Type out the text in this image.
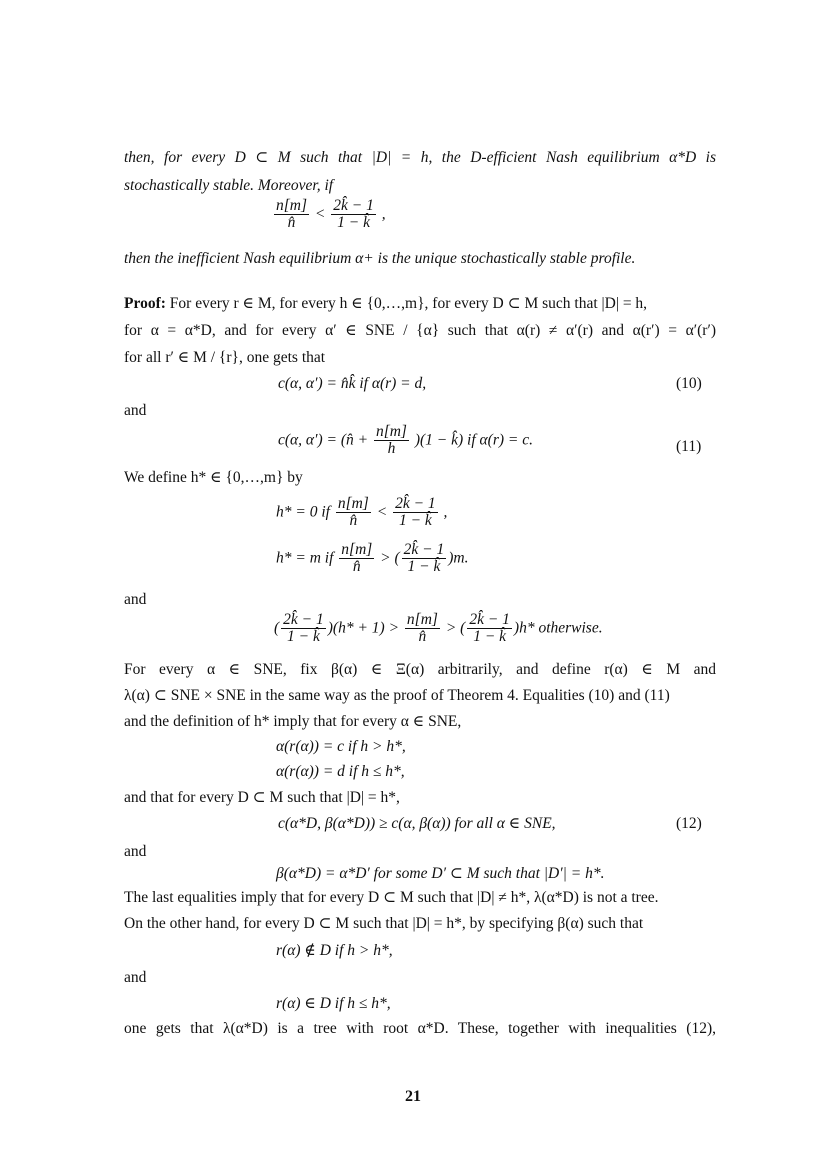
then, for every D ⊂ M such that |D| = h, the D-efficient Nash equilibrium α*D is
stochastically stable. Moreover, if
$\frac{n[m]}{n̂} < \frac{2k̂ - 1}{1 - k̂}$ ,
then the inefficient Nash equilibrium α+ is the unique stochastically stable profile.
Proof: For every r ∈ M, for every h ∈ {0,…,m}, for every D ⊂ M such that |D| = h,
for α = α*D, and for every α′ ∈ SNE / {α} such that α(r) ≠ α′(r) and α(r′) = α′(r′)
for all r′ ∈ M / {r}, one gets that
c(α, α′) = n̂k̂ if α(r) = d,	(10)
and
c(α, α′) = (n̂ + $\frac{n[m]}{h} )(1$ − k̂) if α(r) = c.	(11)
We define h* ∈ {0,…,m} by
h* = 0 if $\frac{n[m]}{n̂} < \frac{2k̂ - 1}{1 - k̂}$ ,
h* = m if $\frac{n[m]}{n̂}$ > ( $\frac{2k̂ - 1}{1 - k̂} )m$.
and
( $\frac{2k̂ - 1}{1 - k̂} )(h* + 1) > \frac{n[m]}{n̂}$ > ( $\frac{2k̂ - 1}{1 - k̂} )h*$ otherwise.
For every α ∈ SNE, fix β(α) ∈ Ξ(α) arbitrarily, and define r(α) ∈ M and
λ(α) ⊂ SNE × SNE in the same way as the proof of Theorem 4. Equalities (10) and (11)
and the definition of h* imply that for every α ∈ SNE,
α(r(α)) = c if h > h*,
α(r(α)) = d if h ≤ h*,
and that for every D ⊂ M such that |D| = h*,
c(α*D, β(α*D)) ≥ c(α, β(α)) for all α ∈ SNE,	(12)
and
β(α*D) = α*D′ for some D′ ⊂ M such that |D′| = h*.
The last equalities imply that for every D ⊂ M such that |D| ≠ h*, λ(α*D) is not a tree.
On the other hand, for every D ⊂ M such that |D| = h*, by specifying β(α) such that
r(α) ∉ D if h > h*,
and
r(α) ∈ D if h ≤ h*,
one gets that λ(α*D) is a tree with root α*D. These, together with inequalities (12),
21
